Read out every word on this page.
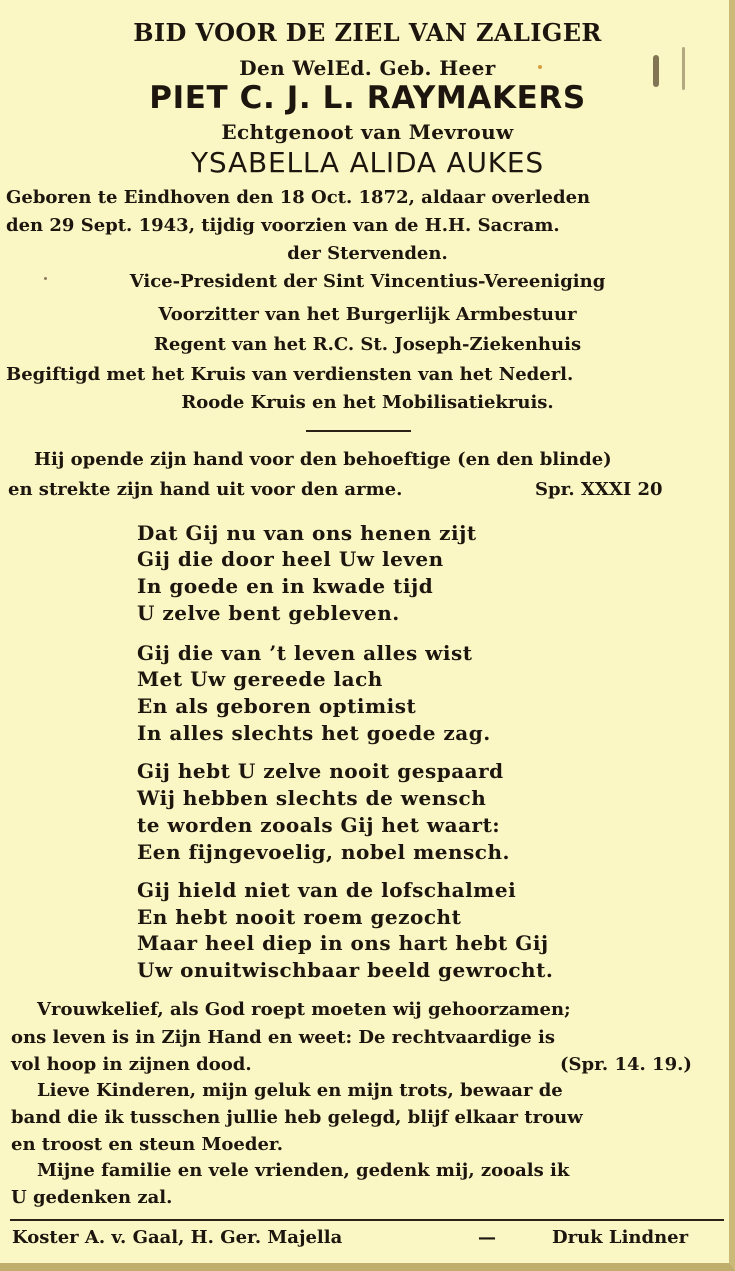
BID VOOR DE ZIEL VAN ZALIGER
Den WelEd. Geb. Heer
PIET C. J. L. RAYMAKERS
Echtgenoot van Mevrouw
YSABELLA ALIDA AUKES
Geboren te Eindhoven den 18 Oct. 1872, aldaar overleden
den 29 Sept. 1943, tijdig voorzien van de H.H. Sacram.
der Stervenden.
Vice-President der Sint Vincentius-Vereeniging
Voorzitter van het Burgerlijk Armbestuur
Regent van het R.C. St. Joseph-Ziekenhuis
Begiftigd met het Kruis van verdiensten van het Nederl.
Roode Kruis en het Mobilisatiekruis.
Hij opende zijn hand voor den behoeftige (en den blinde)
en strekte zijn hand uit voor den arme.	Spr. XXXI 20
Dat Gij nu van ons henen zijt
Gij die door heel Uw leven
In goede en in kwade tijd
U zelve bent gebleven.
Gij die van ’t leven alles wist
Met Uw gereede lach
En als geboren optimist
In alles slechts het goede zag.
Gij hebt U zelve nooit gespaard
Wij hebben slechts de wensch
te worden zooals Gij het waart:
Een fijngevoelig, nobel mensch.
Gij hield niet van de lofschalmei
En hebt nooit roem gezocht
Maar heel diep in ons hart hebt Gij
Uw onuitwischbaar beeld gewrocht.
Vrouwkelief, als God roept moeten wij gehoorzamen;
ons leven is in Zijn Hand en weet: De rechtvaardige is
vol hoop in zijnen dood.	(Spr. 14. 19.)
Lieve Kinderen, mijn geluk en mijn trots, bewaar de
band die ik tusschen jullie heb gelegd, blijf elkaar trouw
en troost en steun Moeder.
Mijne familie en vele vrienden, gedenk mij, zooals ik
U gedenken zal.
Koster A. v. Gaal, H. Ger. Majella	—	Druk Lindner
